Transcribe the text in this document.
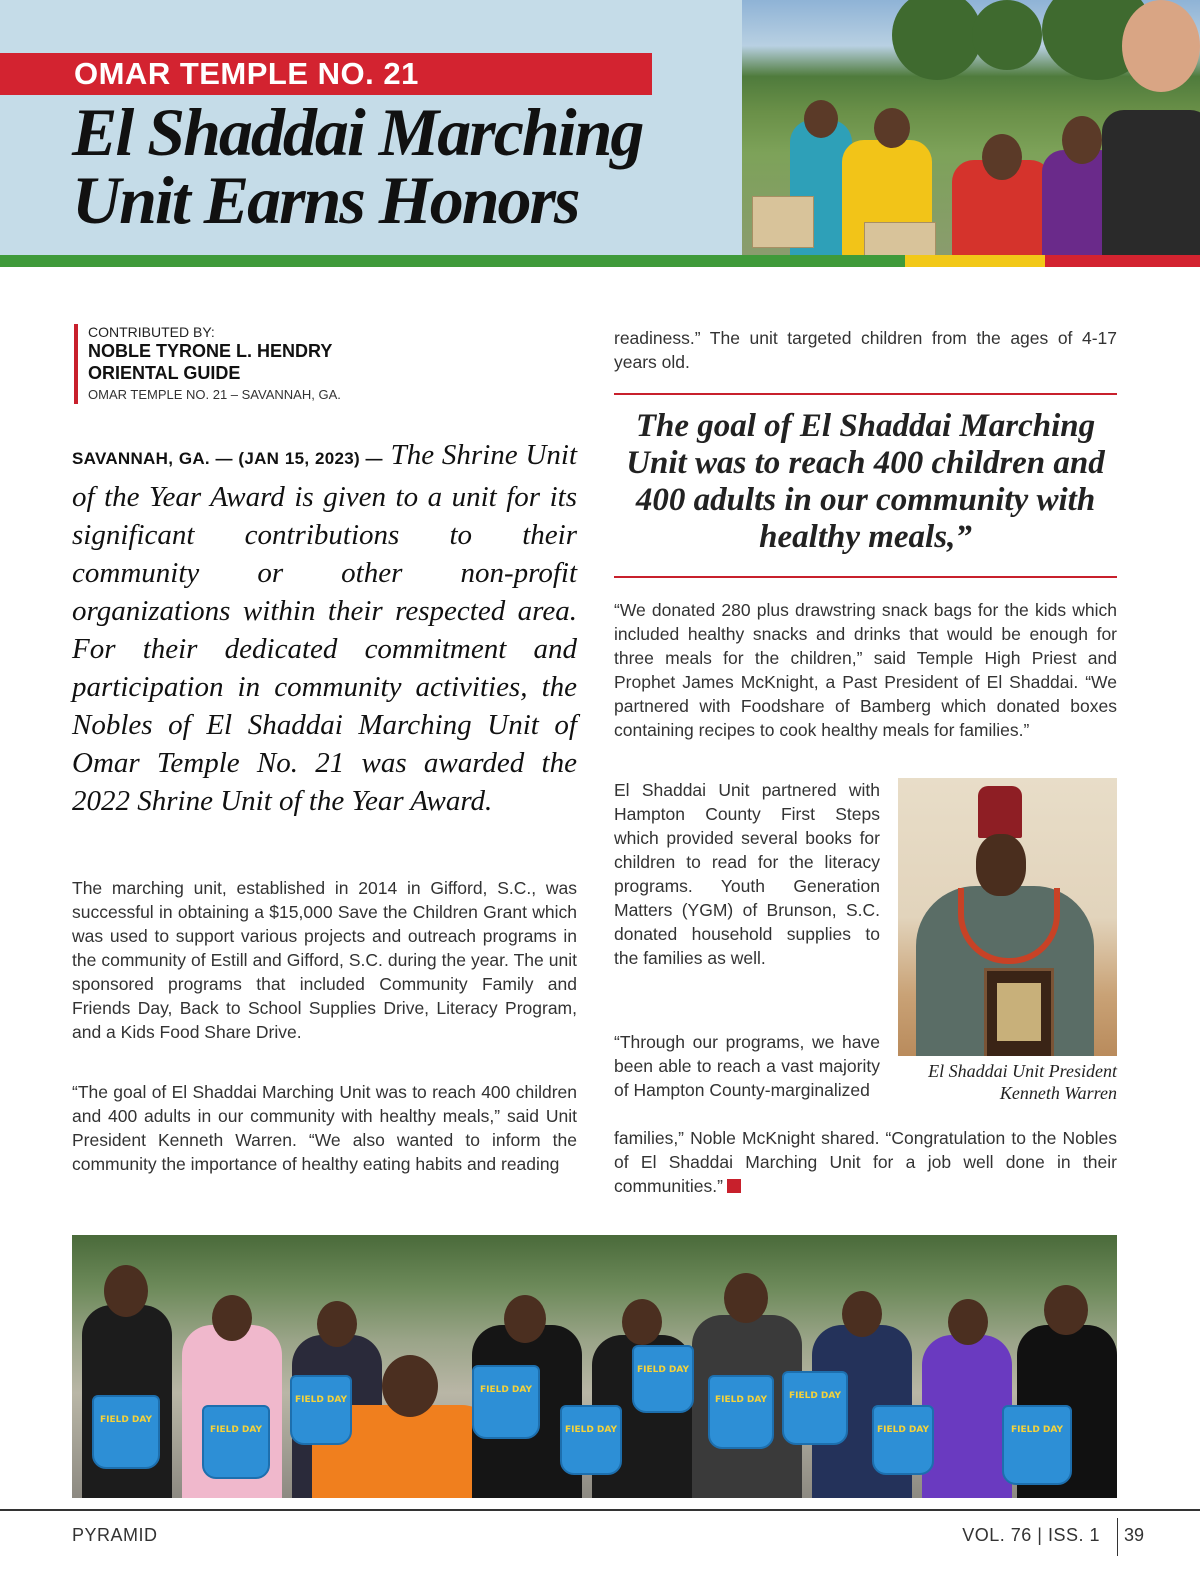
OMAR TEMPLE NO. 21
El Shaddai Marching
Unit Earns Honors
CONTRIBUTED BY:
NOBLE TYRONE L. HENDRY
ORIENTAL GUIDE
OMAR TEMPLE NO. 21 – SAVANNAH, GA.

SAVANNAH, GA. — (JAN 15, 2023) — The Shrine Unit of the Year Award is given to a unit for its significant contributions to their community or other non-profit organizations within their respected area. For their dedicated commitment and participation in community activities, the Nobles of El Shaddai Marching Unit of Omar Temple No. 21 was awarded the 2022 Shrine Unit of the Year Award.

The marching unit, established in 2014 in Gifford, S.C., was successful in obtaining a $15,000 Save the Children Grant which was used to support various projects and outreach programs in the community of Estill and Gifford, S.C. during the year. The unit sponsored programs that included Community Family and Friends Day, Back to School Supplies Drive, Literacy Program, and a Kids Food Share Drive.

“The goal of El Shaddai Marching Unit was to reach 400 children and 400 adults in our community with healthy meals,” said Unit President Kenneth Warren. “We also wanted to inform the community the importance of healthy eating habits and reading

readiness.” The unit targeted children from the ages of 4-17 years old.

The goal of El Shaddai Marching Unit was to reach 400 children and 400 adults in our community with healthy meals,”

“We donated 280 plus drawstring snack bags for the kids which included healthy snacks and drinks that would be enough for three meals for the children,” said Temple High Priest and Prophet James McKnight, a Past President of El Shaddai. “We partnered with Foodshare of Bamberg which donated boxes containing recipes to cook healthy meals for families.”

El Shaddai Unit partnered with Hampton County First Steps which provided several books for children to read for the literacy programs. Youth Generation Matters (YGM) of Brunson, S.C. donated household supplies to the families as well.

“Through our programs, we have been able to reach a vast majority of Hampton County-marginalized

families,” Noble McKnight shared. “Congratulation to the Nobles of El Shaddai Marching Unit for a job well done in their communities.”

El Shaddai Unit President
Kenneth Warren

FIELD DAY
FIELD DAY
FIELD DAY
FIELD DAY
FIELD DAY
FIELD DAY
FIELD DAY
FIELD DAY
FIELD DAY
FIELD DAY

PYRAMID	VOL. 76 | ISS. 1 39
